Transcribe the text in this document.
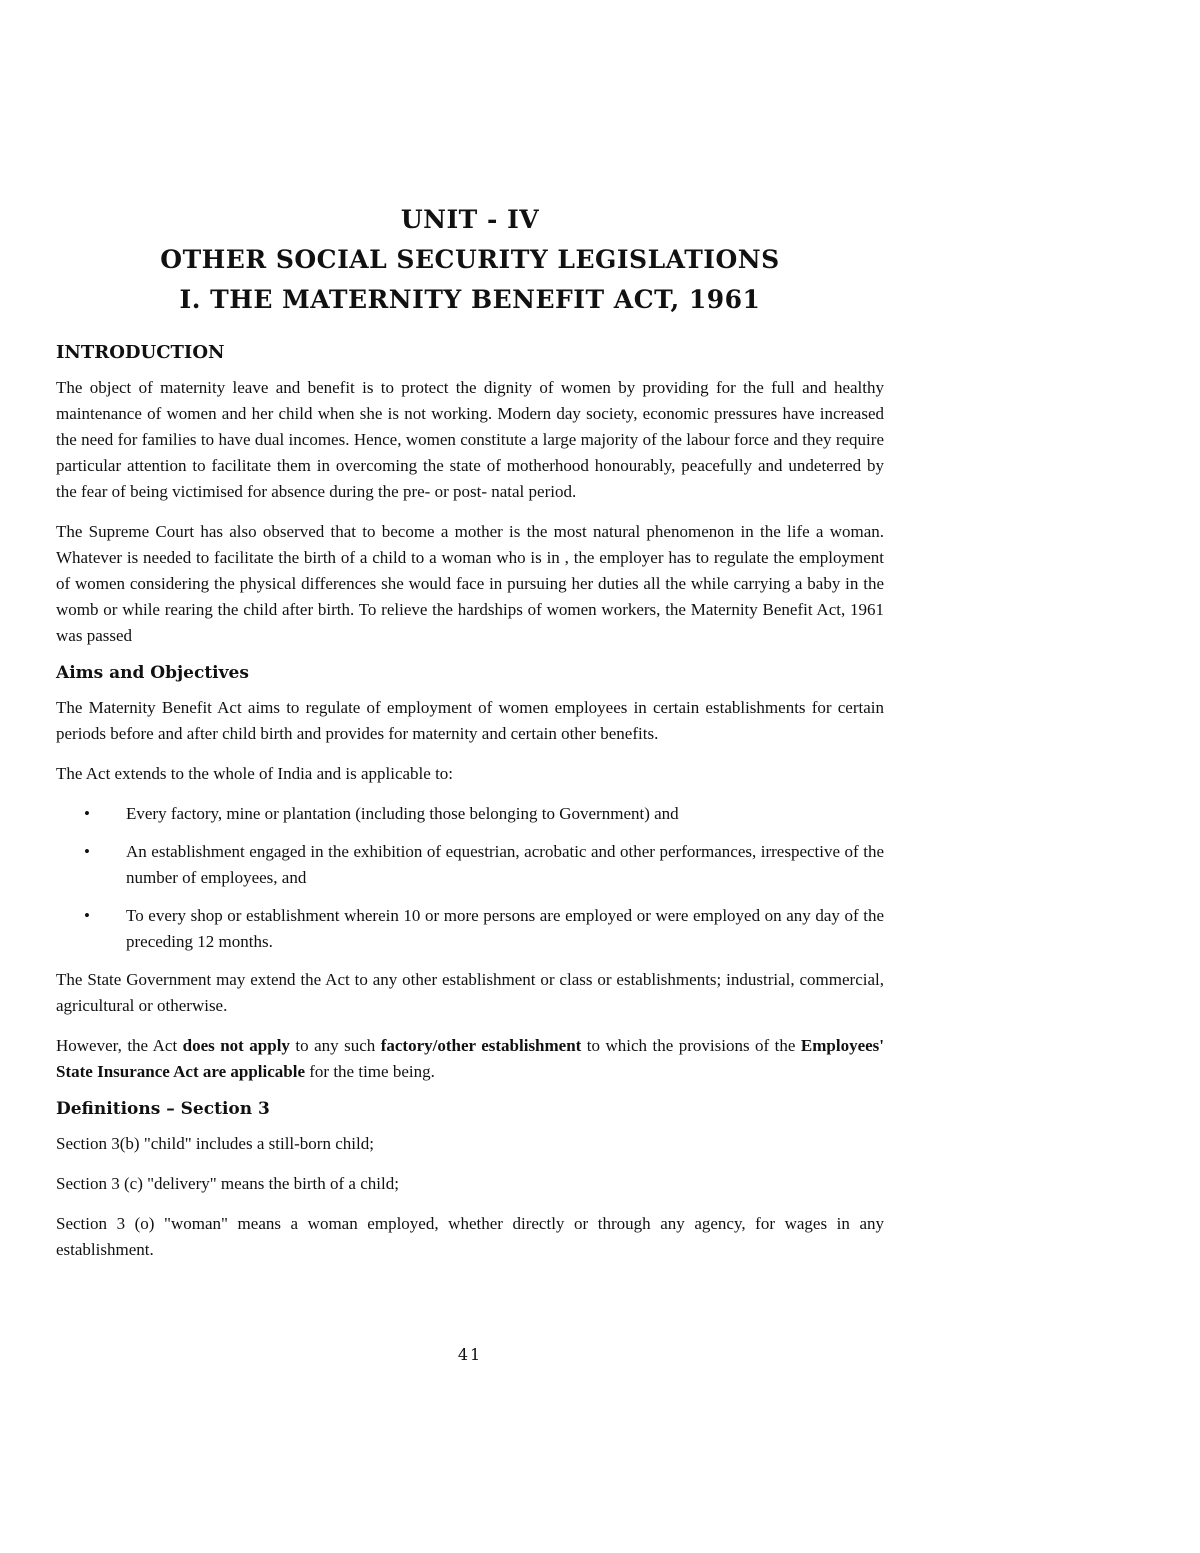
UNIT - IV
OTHER SOCIAL SECURITY LEGISLATIONS
I. THE MATERNITY BENEFIT ACT, 1961
INTRODUCTION

The object of maternity leave and benefit is to protect the dignity of women by providing for the full and healthy maintenance of women and her child when she is not working. Modern day society, economic pressures have increased the need for families to have dual incomes. Hence, women constitute a large majority of the labour force and they require particular attention to facilitate them in overcoming the state of motherhood honourably, peacefully and undeterred by the fear of being victimised for absence during the pre- or post- natal period.

The Supreme Court has also observed that to become a mother is the most natural phenomenon in the life a woman. Whatever is needed to facilitate the birth of a child to a woman who is in , the employer has to regulate the employment of women considering the physical differences she would face in pursuing her duties all the while carrying a baby in the womb or while rearing the child after birth. To relieve the hardships of women workers, the Maternity Benefit Act, 1961 was passed

Aims and Objectives

The Maternity Benefit Act aims to regulate of employment of women employees in certain establishments for certain periods before and after child birth and provides for maternity and certain other benefits.

The Act extends to the whole of India and is applicable to:

• Every factory, mine or plantation (including those belonging to Government) and
• An establishment engaged in the exhibition of equestrian, acrobatic and other performances, irrespective of the number of employees, and
• To every shop or establishment wherein 10 or more persons are employed or were employed on any day of the preceding 12 months.

The State Government may extend the Act to any other establishment or class or establishments; industrial, commercial, agricultural or otherwise.

However, the Act does not apply to any such factory/other establishment to which the provisions of the Employees' State Insurance Act are applicable for the time being.

Definitions – Section 3

Section 3(b) "child" includes a still-born child;

Section 3 (c) "delivery" means the birth of a child;

Section 3 (o) "woman" means a woman employed, whether directly or through any agency, for wages in any establishment.

41
